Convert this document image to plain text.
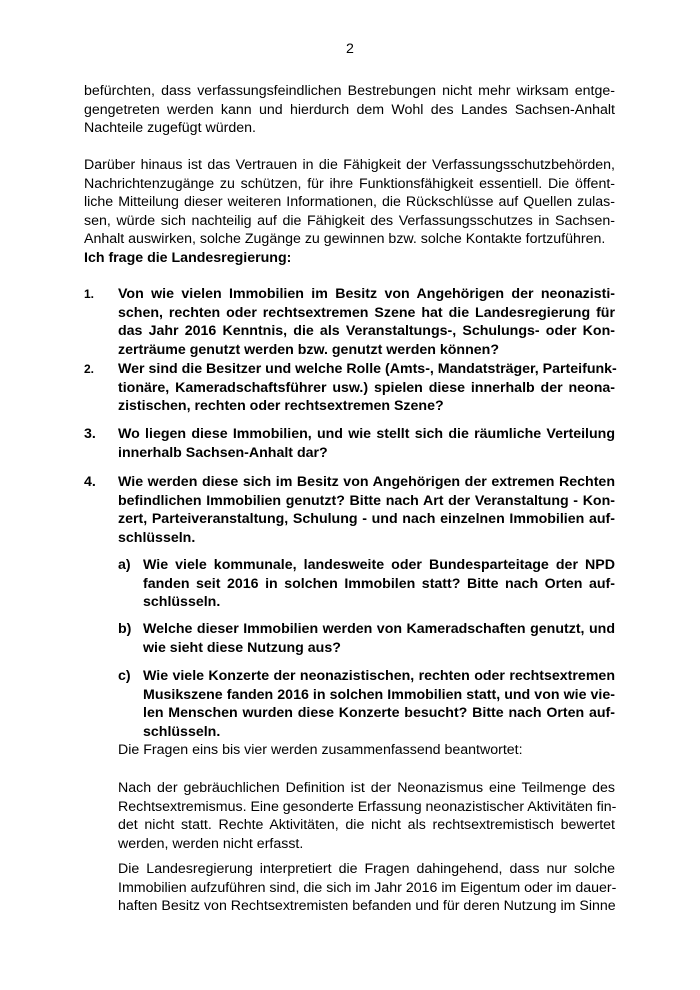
2
befürchten, dass verfassungsfeindlichen Bestrebungen nicht mehr wirksam entge-
gengetreten werden kann und hierdurch dem Wohl des Landes Sachsen-Anhalt
Nachteile zugefügt würden.
Darüber hinaus ist das Vertrauen in die Fähigkeit der Verfassungsschutzbehörden,
Nachrichtenzugänge zu schützen, für ihre Funktionsfähigkeit essentiell. Die öffent-
liche Mitteilung dieser weiteren Informationen, die Rückschlüsse auf Quellen zulas-
sen, würde sich nachteilig auf die Fähigkeit des Verfassungsschutzes in Sachsen-
Anhalt auswirken, solche Zugänge zu gewinnen bzw. solche Kontakte fortzuführen.
Ich frage die Landesregierung:
1. Von wie vielen Immobilien im Besitz von Angehörigen der neonazisti-
schen, rechten oder rechtsextremen Szene hat die Landesregierung für
das Jahr 2016 Kenntnis, die als Veranstaltungs-, Schulungs- oder Kon-
zerträume genutzt werden bzw. genutzt werden können?
2. Wer sind die Besitzer und welche Rolle (Amts-, Mandatsträger, Parteifunk-
tionäre, Kameradschaftsführer usw.) spielen diese innerhalb der neona-
zistischen, rechten oder rechtsextremen Szene?
3. Wo liegen diese Immobilien, und wie stellt sich die räumliche Verteilung
innerhalb Sachsen-Anhalt dar?
4. Wie werden diese sich im Besitz von Angehörigen der extremen Rechten
befindlichen Immobilien genutzt? Bitte nach Art der Veranstaltung - Kon-
zert, Parteiveranstaltung, Schulung - und nach einzelnen Immobilien auf-
schlüsseln.
a) Wie viele kommunale, landesweite oder Bundesparteitage der NPD
fanden seit 2016 in solchen Immobilen statt? Bitte nach Orten auf-
schlüsseln.
b) Welche dieser Immobilien werden von Kameradschaften genutzt, und
wie sieht diese Nutzung aus?
c) Wie viele Konzerte der neonazistischen, rechten oder rechtsextremen
Musikszene fanden 2016 in solchen Immobilien statt, und von wie vie-
len Menschen wurden diese Konzerte besucht? Bitte nach Orten auf-
schlüsseln.
Die Fragen eins bis vier werden zusammenfassend beantwortet:
Nach der gebräuchlichen Definition ist der Neonazismus eine Teilmenge des
Rechtsextremismus. Eine gesonderte Erfassung neonazistischer Aktivitäten fin-
det nicht statt. Rechte Aktivitäten, die nicht als rechtsextremistisch bewertet
werden, werden nicht erfasst.
Die Landesregierung interpretiert die Fragen dahingehend, dass nur solche
Immobilien aufzuführen sind, die sich im Jahr 2016 im Eigentum oder im dauer-
haften Besitz von Rechtsextremisten befanden und für deren Nutzung im Sinne
